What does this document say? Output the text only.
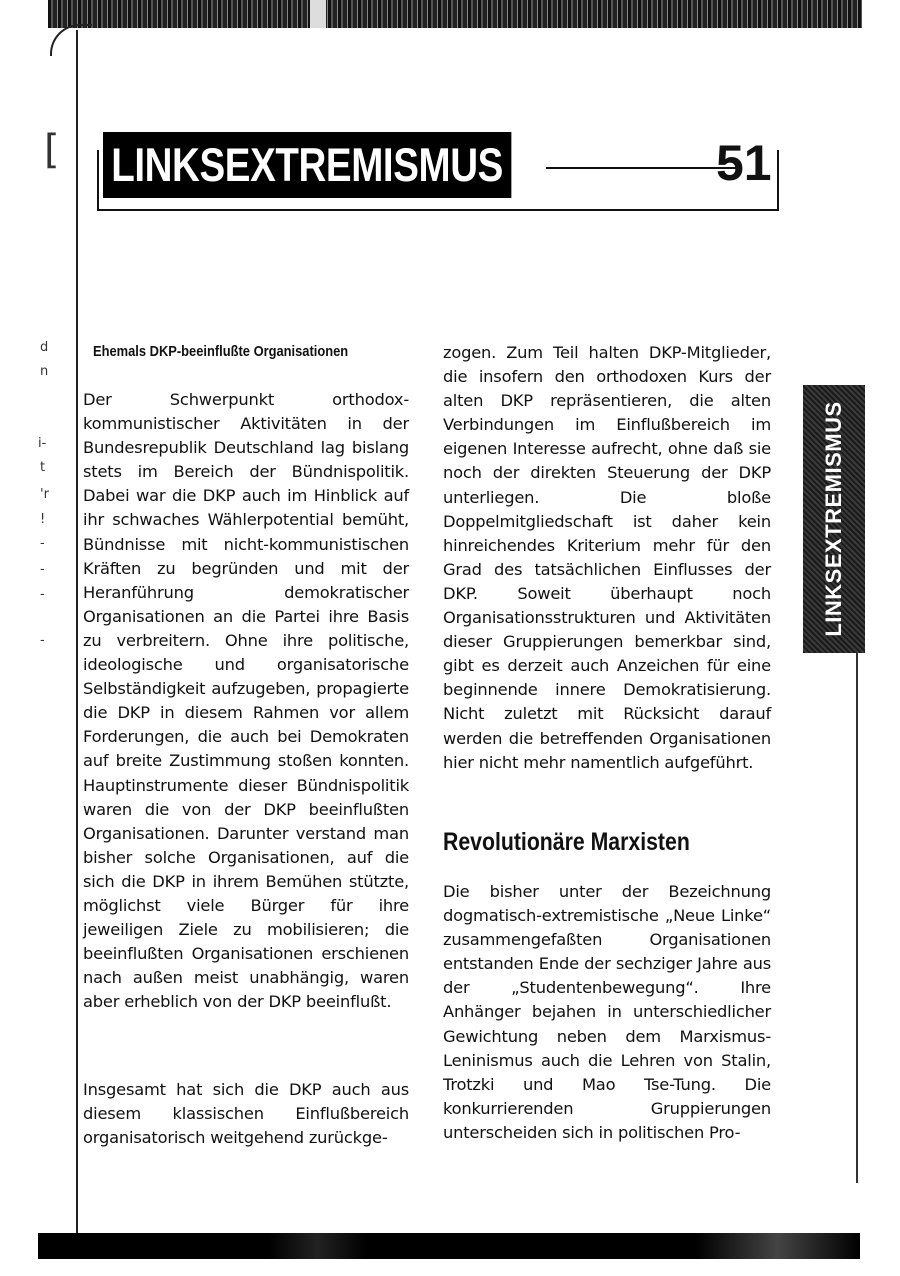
[
d
n
i-
t
'r
!
-
-
-
-
LINKSEXTREMISMUS	51
LINKSEXTREMISMUS
Ehemals DKP-beeinflußte Organisationen

Der Schwerpunkt orthodox-kommunistischer Aktivitäten in der Bundesrepublik Deutschland lag bislang stets im Bereich der Bündnispolitik. Dabei war die DKP auch im Hinblick auf ihr schwaches Wählerpotential bemüht, Bündnisse mit nicht-kommunistischen Kräften zu begründen und mit der Heranführung demokratischer Organisationen an die Partei ihre Basis zu verbreitern. Ohne ihre politische, ideologische und organisatorische Selbständigkeit aufzugeben, propagierte die DKP in diesem Rahmen vor allem Forderungen, die auch bei Demokraten auf breite Zustimmung stoßen konnten. Hauptinstrumente dieser Bündnispolitik waren die von der DKP beeinflußten Organisationen. Darunter verstand man bisher solche Organisationen, auf die sich die DKP in ihrem Bemühen stützte, möglichst viele Bürger für ihre jeweiligen Ziele zu mobilisieren; die beeinflußten Organisationen erschienen nach außen meist unabhängig, waren aber erheblich von der DKP beeinflußt.

Insgesamt hat sich die DKP auch aus diesem klassischen Einflußbereich organisatorisch weitgehend zurückge-

zogen. Zum Teil halten DKP-Mitglieder, die insofern den orthodoxen Kurs der alten DKP repräsentieren, die alten Verbindungen im Einflußbereich im eigenen Interesse aufrecht, ohne daß sie noch der direkten Steuerung der DKP unterliegen. Die bloße Doppelmitgliedschaft ist daher kein hinreichendes Kriterium mehr für den Grad des tatsächlichen Einflusses der DKP. Soweit überhaupt noch Organisationsstrukturen und Aktivitäten dieser Gruppierungen bemerkbar sind, gibt es derzeit auch Anzeichen für eine beginnende innere Demokratisierung. Nicht zuletzt mit Rücksicht darauf werden die betreffenden Organisationen hier nicht mehr namentlich aufgeführt.

Revolutionäre Marxisten

Die bisher unter der Bezeichnung dogmatisch-extremistische „Neue Linke“ zusammengefaßten Organisationen entstanden Ende der sechziger Jahre aus der „Studentenbewegung“. Ihre Anhänger bejahen in unterschiedlicher Gewichtung neben dem Marxismus-Leninismus auch die Lehren von Stalin, Trotzki und Mao Tse-Tung. Die konkurrierenden Gruppierungen unterscheiden sich in politischen Pro-
